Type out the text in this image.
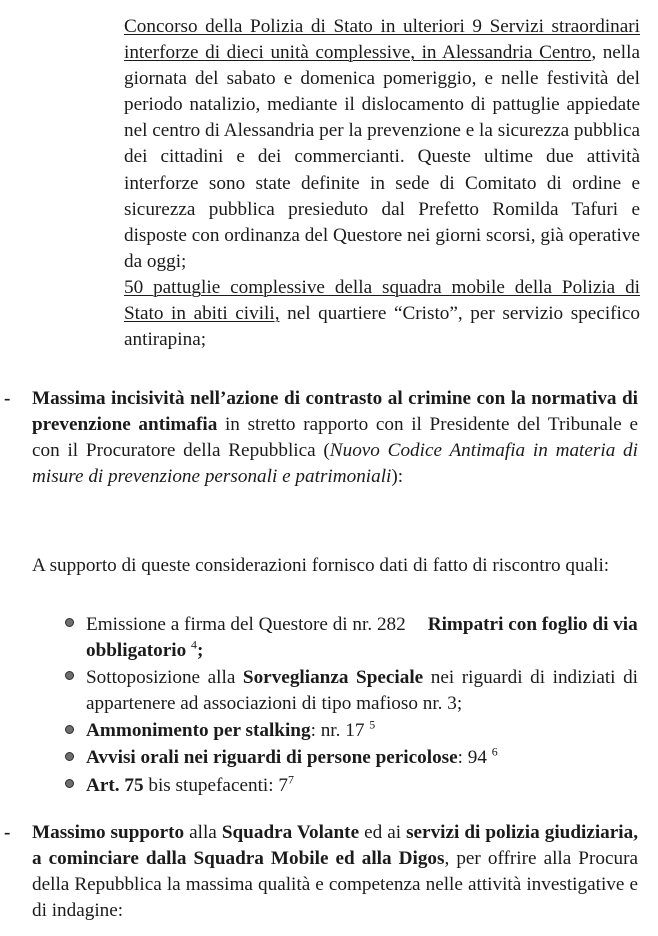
Concorso della Polizia di Stato in ulteriori 9 Servizi straordinari interforze di dieci unità complessive, in Alessandria Centro, nella giornata del sabato e domenica pomeriggio, e nelle festività del periodo natalizio, mediante il dislocamento di pattuglie appiedate nel centro di Alessandria per la prevenzione e la sicurezza pubblica dei cittadini e dei commercianti. Queste ultime due attività interforze sono state definite in sede di Comitato di ordine e sicurezza pubblica presieduto dal Prefetto Romilda Tafuri e disposte con ordinanza del Questore nei giorni scorsi, già operative da oggi;

50 pattuglie complessive della squadra mobile della Polizia di Stato in abiti civili, nel quartiere “Cristo”, per servizio specifico antirapina;

-	Massima incisività nell’azione di contrasto al crimine con la normativa di prevenzione antimafia in stretto rapporto con il Presidente del Tribunale e con il Procuratore della Repubblica (Nuovo Codice Antimafia in materia di misure di prevenzione personali e patrimoniali):

A supporto di queste considerazioni fornisco dati di fatto di riscontro quali:

Emissione a firma del Questore di nr. 282 Rimpatri con foglio di via obbligatorio $^4$;
Sottoposizione alla Sorveglianza Speciale nei riguardi di indiziati di appartenere ad associazioni di tipo mafioso nr. 3;
Ammonimento per stalking: nr. 17 $^5$
Avvisi orali nei riguardi di persone pericolose: 94 $^6$
Art. 75 bis stupefacenti: $7^7$
-	Massimo supporto alla Squadra Volante ed ai servizi di polizia giudiziaria, a cominciare dalla Squadra Mobile ed alla Digos, per offrire alla Procura della Repubblica la massima qualità e competenza nelle attività investigative e di indagine:
